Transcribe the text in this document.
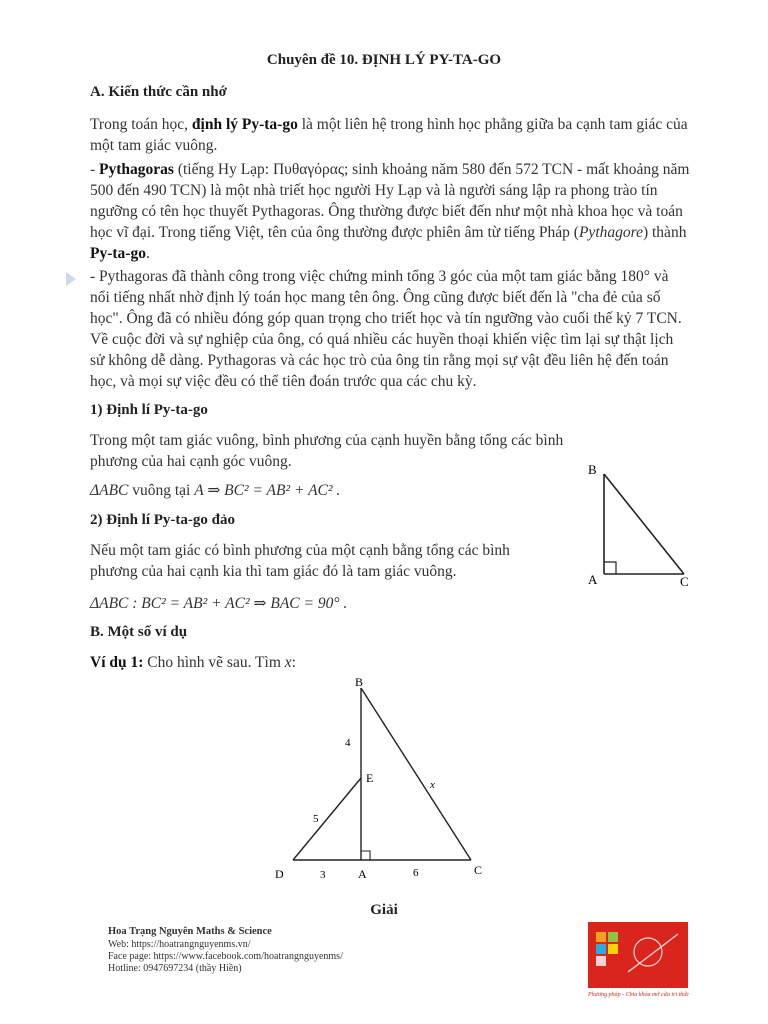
Chuyên đề 10. ĐỊNH LÝ PY-TA-GO
A. Kiến thức cần nhớ
Trong toán học, định lý Py-ta-go là một liên hệ trong hình học phẳng giữa ba cạnh tam giác của một tam giác vuông.
- Pythagoras (tiếng Hy Lạp: Πυθαγόρας; sinh khoảng năm 580 đến 572 TCN - mất khoảng năm 500 đến 490 TCN) là một nhà triết học người Hy Lạp và là người sáng lập ra phong trào tín ngưỡng có tên học thuyết Pythagoras. Ông thường được biết đến như một nhà khoa học và toán học vĩ đại. Trong tiếng Việt, tên của ông thường được phiên âm từ tiếng Pháp (Pythagore) thành Py-ta-go.
- Pythagoras đã thành công trong việc chứng minh tổng 3 góc của một tam giác bằng 180° và nổi tiếng nhất nhờ định lý toán học mang tên ông. Ông cũng được biết đến là "cha đẻ của số học". Ông đã có nhiều đóng góp quan trọng cho triết học và tín ngưỡng vào cuối thế kỷ 7 TCN. Về cuộc đời và sự nghiệp của ông, có quá nhiều các huyền thoại khiến việc tìm lại sự thật lịch sử không dễ dàng. Pythagoras và các học trò của ông tin rằng mọi sự vật đều liên hệ đến toán học, và mọi sự việc đều có thể tiên đoán trước qua các chu kỳ.
1) Định lí Py-ta-go
Trong một tam giác vuông, bình phương của cạnh huyền bằng tổng các bình phương của hai cạnh góc vuông.
ΔABC vuông tại A ⇒ BC² = AB² + AC² .
2) Định lí Py-ta-go đảo
Nếu một tam giác có bình phương của một cạnh bằng tổng các bình phương của hai cạnh kia thì tam giác đó là tam giác vuông.
ΔABC : BC² = AB² + AC² ⇒ BAC = 90° .
B
A	C
B. Một số ví dụ
Ví dụ 1: Cho hình vẽ sau. Tìm x:
B
E
D	A	C
4
5
3	6
x
Giải
Hoa Trạng Nguyên Maths & Science
Web: https://hoatrangnguyenms.vn/
Face page: https://www.facebook.com/hoatrangnguyenms/
Hotline: 0947697234 (thầy Hiền)
Phương pháp - Chia khóa mở cửa tri thức
